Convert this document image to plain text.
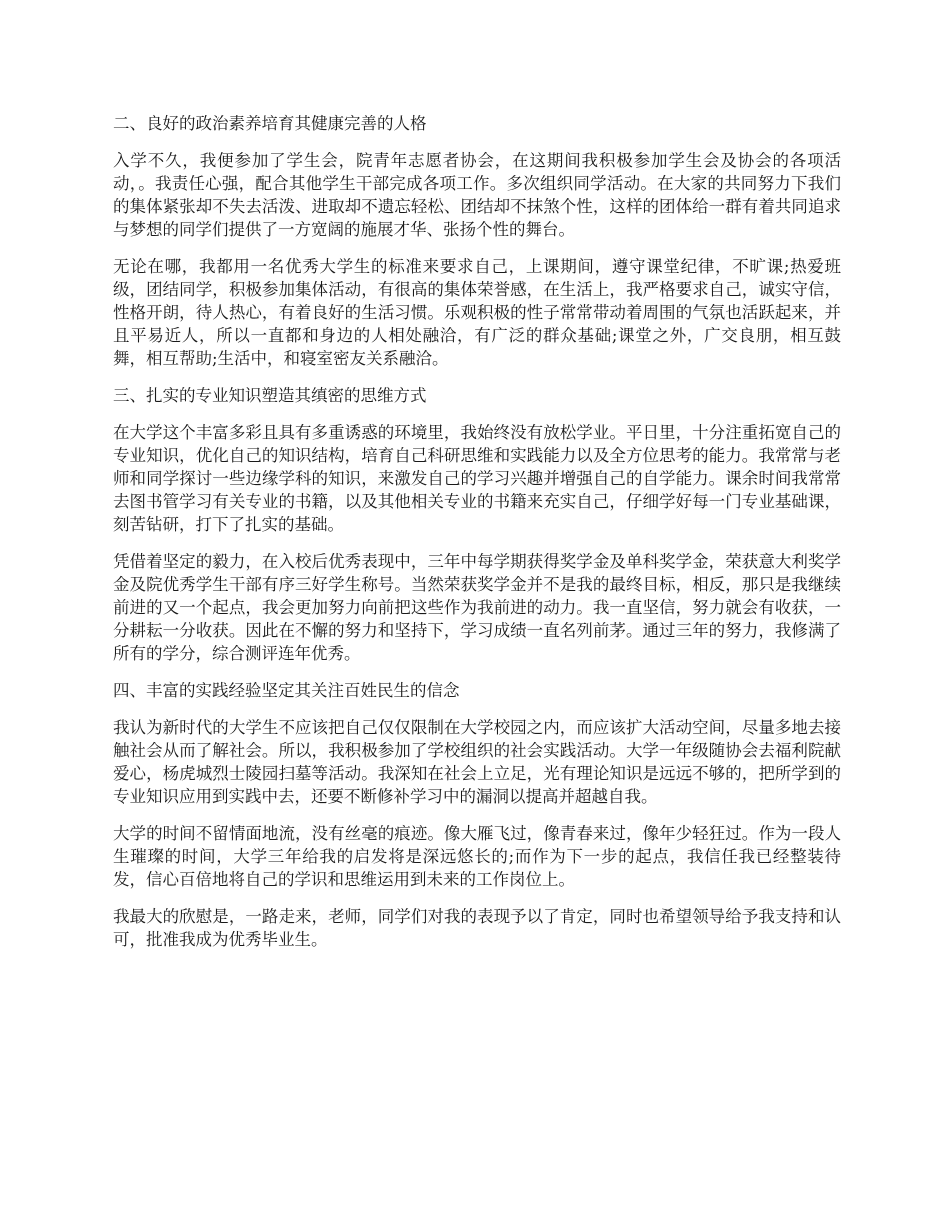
二、良好的政治素养培育其健康完善的人格

入学不久，我便参加了学生会，院青年志愿者协会，在这期间我积极参加学生会及协会的各项活动，。我责任心强，配合其他学生干部完成各项工作。多次组织同学活动。在大家的共同努力下我们的集体紧张却不失去活泼、进取却不遗忘轻松、团结却不抹煞个性，这样的团体给一群有着共同追求与梦想的同学们提供了一方宽阔的施展才华、张扬个性的舞台。

无论在哪，我都用一名优秀大学生的标准来要求自己，上课期间，遵守课堂纪律，不旷课;热爱班级，团结同学，积极参加集体活动，有很高的集体荣誉感，在生活上，我严格要求自己，诚实守信，性格开朗，待人热心，有着良好的生活习惯。乐观积极的性子常常带动着周围的气氛也活跃起来，并且平易近人，所以一直都和身边的人相处融洽，有广泛的群众基础;课堂之外，广交良朋，相互鼓舞，相互帮助;生活中，和寝室密友关系融洽。

三、扎实的专业知识塑造其缜密的思维方式

在大学这个丰富多彩且具有多重诱惑的环境里，我始终没有放松学业。平日里，十分注重拓宽自己的专业知识，优化自己的知识结构，培育自己科研思维和实践能力以及全方位思考的能力。我常常与老师和同学探讨一些边缘学科的知识，来激发自己的学习兴趣并增强自己的自学能力。课余时间我常常去图书管学习有关专业的书籍，以及其他相关专业的书籍来充实自己，仔细学好每一门专业基础课，刻苦钻研，打下了扎实的基础。

凭借着坚定的毅力，在入校后优秀表现中，三年中每学期获得奖学金及单科奖学金，荣获意大利奖学金及院优秀学生干部有序三好学生称号。当然荣获奖学金并不是我的最终目标，相反，那只是我继续前进的又一个起点，我会更加努力向前把这些作为我前进的动力。我一直坚信，努力就会有收获，一分耕耘一分收获。因此在不懈的努力和坚持下，学习成绩一直名列前茅。通过三年的努力，我修满了所有的学分，综合测评连年优秀。

四、丰富的实践经验坚定其关注百姓民生的信念

我认为新时代的大学生不应该把自己仅仅限制在大学校园之内，而应该扩大活动空间，尽量多地去接触社会从而了解社会。所以，我积极参加了学校组织的社会实践活动。大学一年级随协会去福利院献爱心，杨虎城烈士陵园扫墓等活动。我深知在社会上立足，光有理论知识是远远不够的，把所学到的专业知识应用到实践中去，还要不断修补学习中的漏洞以提高并超越自我。

大学的时间不留情面地流，没有丝毫的痕迹。像大雁飞过，像青春来过，像年少轻狂过。作为一段人生璀璨的时间，大学三年给我的启发将是深远悠长的;而作为下一步的起点，我信任我已经整装待发，信心百倍地将自己的学识和思维运用到未来的工作岗位上。

我最大的欣慰是，一路走来，老师，同学们对我的表现予以了肯定，同时也希望领导给予我支持和认可，批准我成为优秀毕业生。
